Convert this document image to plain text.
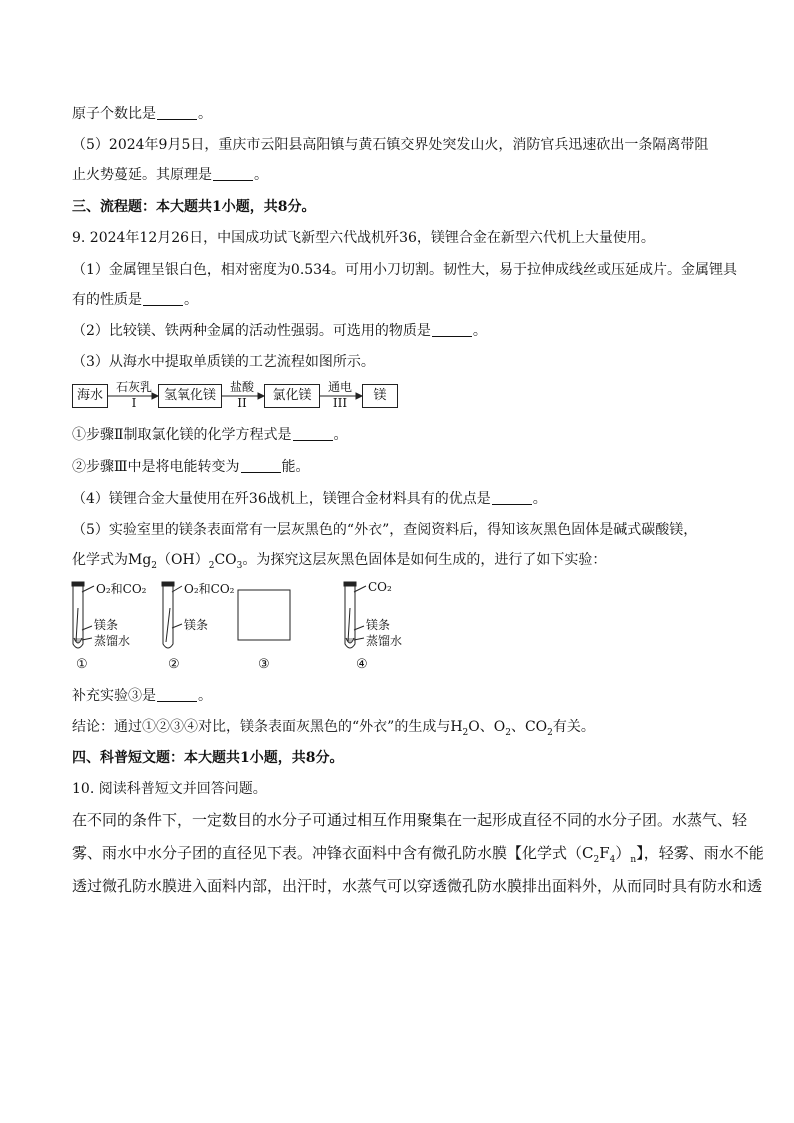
原子个数比是	。
（5）2024年9月5日，重庆市云阳县高阳镇与黄石镇交界处突发山火，消防官兵迅速砍出一条隔离带阻
止火势蔓延。其原理是	。
三、流程题：本大题共1小题，共8分。
9. 2024年12月26日，中国成功试飞新型六代战机歼36，镁锂合金在新型六代机上大量使用。
（1）金属锂呈银白色，相对密度为0.534。可用小刀切割。韧性大，易于拉伸成线丝或压延成片。金属锂具
有的性质是	。
（2）比较镁、铁两种金属的活动性强弱。可选用的物质是	。
（3）从海水中提取单质镁的工艺流程如图所示。
海水
石灰乳
I	氢氧化镁
盐酸
II	氯化镁
通电
III	镁
①步骤Ⅱ制取氯化镁的化学方程式是	。
②步骤Ⅲ中是将电能转变为	能。
（4）镁锂合金大量使用在歼36战机上，镁锂合金材料具有的优点是	。
（5）实验室里的镁条表面常有一层灰黑色的“外衣”，查阅资料后，得知该灰黑色固体是碱式碳酸镁，
化学式为$Mg_2(OH)_2CO_3$。为探究这层灰黑色固体是如何生成的，进行了如下实验：
O₂和CO₂
镁条
蒸馏水
O₂和CO₂
镁条
CO₂
镁条
蒸馏水
①	②	③	④
补充实验③是	。
结论：通过①②③④对比，镁条表面灰黑色的“外衣”的生成与$H_2O$、$O_2$、$CO_2$有关。
四、科普短文题：本大题共1小题，共8分。
10. 阅读科普短文并回答问题。
在不同的条件下，一定数目的水分子可通过相互作用聚集在一起形成直径不同的水分子团。水蒸气、轻
雾、雨水中水分子团的直径见下表。冲锋衣面料中含有微孔防水膜【化学式$(C_2F_4)_n$】，轻雾、雨水不能
透过微孔防水膜进入面料内部，出汗时，水蒸气可以穿透微孔防水膜排出面料外，从而同时具有防水和透
